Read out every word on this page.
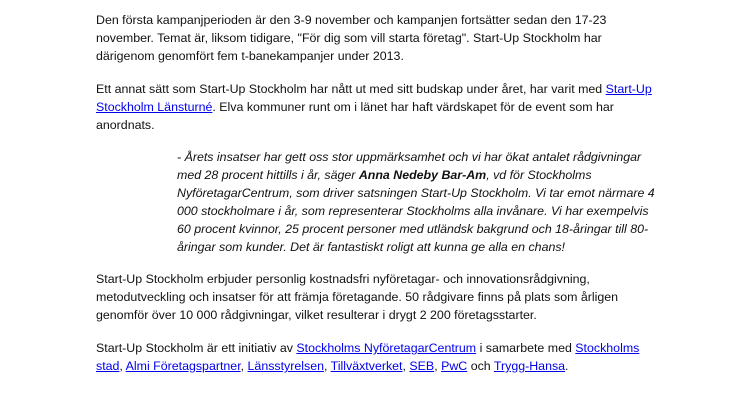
Den första kampanjperioden är den 3-9 november och kampanjen fortsätter sedan den 17-23 november. Temat är, liksom tidigare, "För dig som vill starta företag". Start-Up Stockholm har därigenom genomfört fem t-banekampanjer under 2013.

Ett annat sätt som Start-Up Stockholm har nått ut med sitt budskap under året, har varit med Start-Up Stockholm Länsturné. Elva kommuner runt om i länet har haft värdskapet för de event som har anordnats.

- Årets insatser har gett oss stor uppmärksamhet och vi har ökat antalet rådgivningar med 28 procent hittills i år, säger Anna Nedeby Bar-Am, vd för Stockholms NyföretagarCentrum, som driver satsningen Start-Up Stockholm. Vi tar emot närmare 4 000 stockholmare i år, som representerar Stockholms alla invånare. Vi har exempelvis 60 procent kvinnor, 25 procent personer med utländsk bakgrund och 18-åringar till 80-åringar som kunder. Det är fantastiskt roligt att kunna ge alla en chans!

Start-Up Stockholm erbjuder personlig kostnadsfri nyföretagar- och innovationsrådgivning, metodutveckling och insatser för att främja företagande. 50 rådgivare finns på plats som årligen genomför över 10 000 rådgivningar, vilket resulterar i drygt 2 200 företagsstarter.

Start-Up Stockholm är ett initiativ av Stockholms NyföretagarCentrum i samarbete med Stockholms stad, Almi Företagspartner, Länsstyrelsen, Tillväxtverket, SEB, PwC och Trygg-Hansa.
